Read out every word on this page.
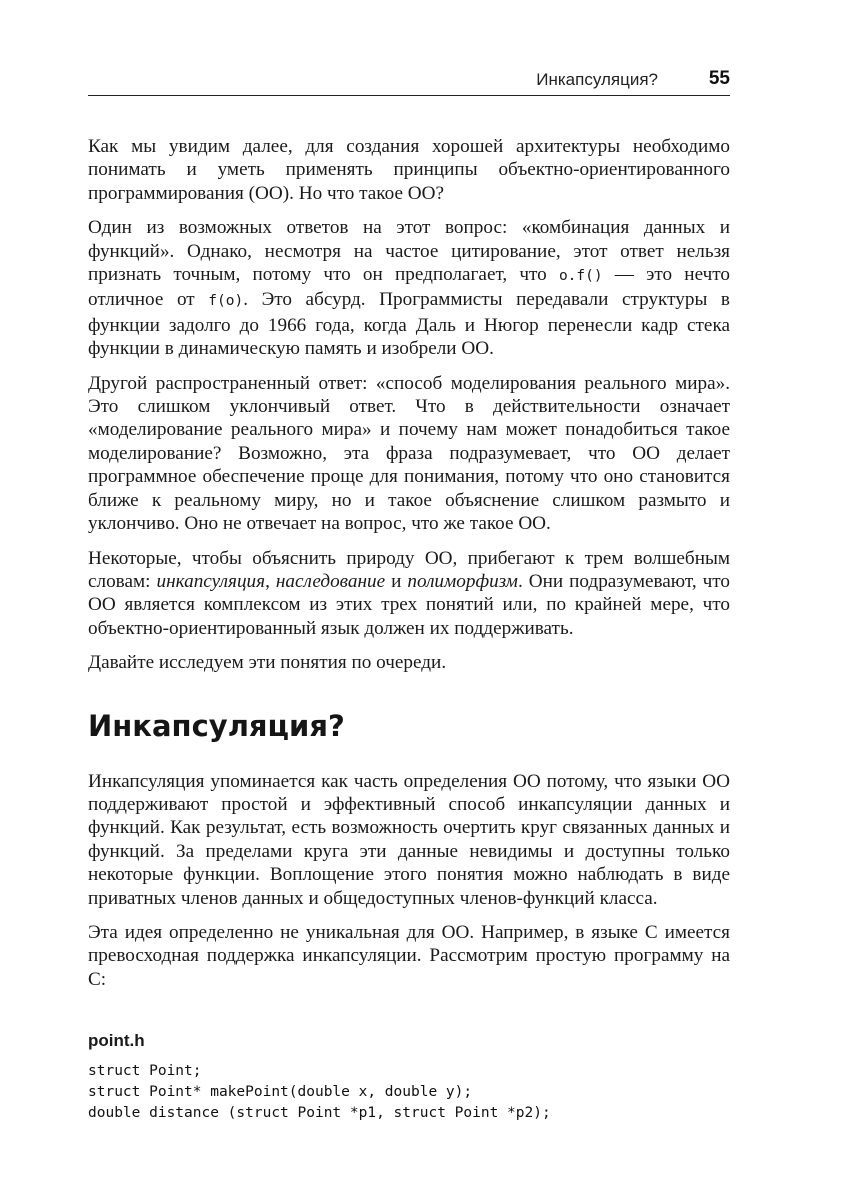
Инкапсуляция?	55

Как мы увидим далее, для создания хорошей архитектуры необходимо понимать и уметь применять принципы объектно-ориентированного программирования (ОО). Но что такое ОО?

Один из возможных ответов на этот вопрос: «комбинация данных и функций». Однако, несмотря на частое цитирование, этот ответ нельзя признать точным, потому что он предполагает, что o.f() — это нечто отличное от f(o). Это абсурд. Программисты передавали структуры в функции задолго до 1966 года, когда Даль и Нюгор перенесли кадр стека функции в динамическую память и изобрели ОО.

Другой распространенный ответ: «способ моделирования реального мира». Это слишком уклончивый ответ. Что в действительности означает «моделирование реального мира» и почему нам может понадобиться такое моделирование? Возможно, эта фраза подразумевает, что ОО делает программное обеспечение проще для понимания, потому что оно становится ближе к реальному миру, но и такое объяснение слишком размыто и уклончиво. Оно не отвечает на вопрос, что же такое ОО.

Некоторые, чтобы объяснить природу ОО, прибегают к трем волшебным словам: инкапсуляция, наследование и полиморфизм. Они подразумевают, что ОО является комплексом из этих трех понятий или, по крайней мере, что объектно-ориентированный язык должен их поддерживать.

Давайте исследуем эти понятия по очереди.

Инкапсуляция?

Инкапсуляция упоминается как часть определения ОО потому, что языки ОО поддерживают простой и эффективный способ инкапсуляции данных и функций. Как результат, есть возможность очертить круг связанных данных и функций. За пределами круга эти данные невидимы и доступны только некоторые функции. Воплощение этого понятия можно наблюдать в виде приватных членов данных и общедоступных членов-функций класса.

Эта идея определенно не уникальная для ОО. Например, в языке C имеется превосходная поддержка инкапсуляции. Рассмотрим простую программу на C:

point.h
struct Point;
struct Point* makePoint(double x, double y);
double distance (struct Point *p1, struct Point *p2);
